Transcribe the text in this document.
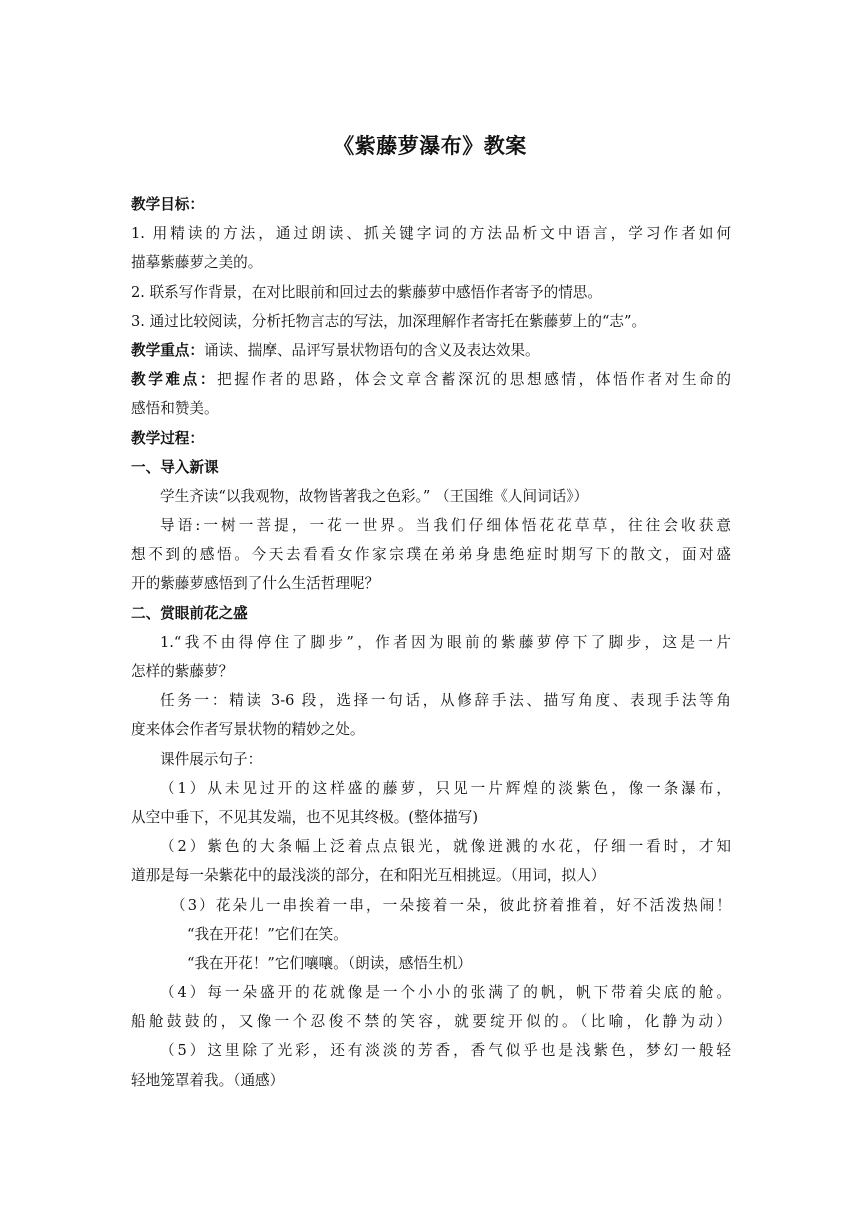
《紫藤萝瀑布》教案
教学目标：
1. 用精读的方法，通过朗读、抓关键字词的方法品析文中语言，学习作者如何
描摹紫藤萝之美的。
2. 联系写作背景，在对比眼前和回过去的紫藤萝中感悟作者寄予的情思。
3. 通过比较阅读，分析托物言志的写法，加深理解作者寄托在紫藤萝上的“志”。
教学重点：诵读、揣摩、品评写景状物语句的含义及表达效果。
教学难点：把握作者的思路，体会文章含蓄深沉的思想感情，体悟作者对生命的
感悟和赞美。
教学过程：
一、导入新课
学生齐读“以我观物，故物皆著我之色彩。” （王国维《人间词话》）
导语:一树一菩提，一花一世界。当我们仔细体悟花花草草，往往会收获意
想不到的感悟。今天去看看女作家宗璞在弟弟身患绝症时期写下的散文，面对盛
开的紫藤萝感悟到了什么生活哲理呢？
二、赏眼前花之盛
1.“我不由得停住了脚步”，作者因为眼前的紫藤萝停下了脚步，这是一片
怎样的紫藤萝？
任务一：精读 3-6 段，选择一句话，从修辞手法、描写角度、表现手法等角
度来体会作者写景状物的精妙之处。
课件展示句子：
（1）从未见过开的这样盛的藤萝，只见一片辉煌的淡紫色，像一条瀑布，
从空中垂下，不见其发端，也不见其终极。(整体描写)
（2）紫色的大条幅上泛着点点银光，就像迸溅的水花，仔细一看时，才知
道那是每一朵紫花中的最浅淡的部分，在和阳光互相挑逗。（用词，拟人）
（3）花朵儿一串挨着一串，一朵接着一朵，彼此挤着推着，好不活泼热闹！
“我在开花！”它们在笑。
“我在开花！”它们嚷嚷。（朗读，感悟生机）
（4）每一朵盛开的花就像是一个小小的张满了的帆，帆下带着尖底的舱。
船舱鼓鼓的，又像一个忍俊不禁的笑容，就要绽开似的。（比喻，化静为动）
（5）这里除了光彩，还有淡淡的芳香，香气似乎也是浅紫色，梦幻一般轻
轻地笼罩着我。（通感）
